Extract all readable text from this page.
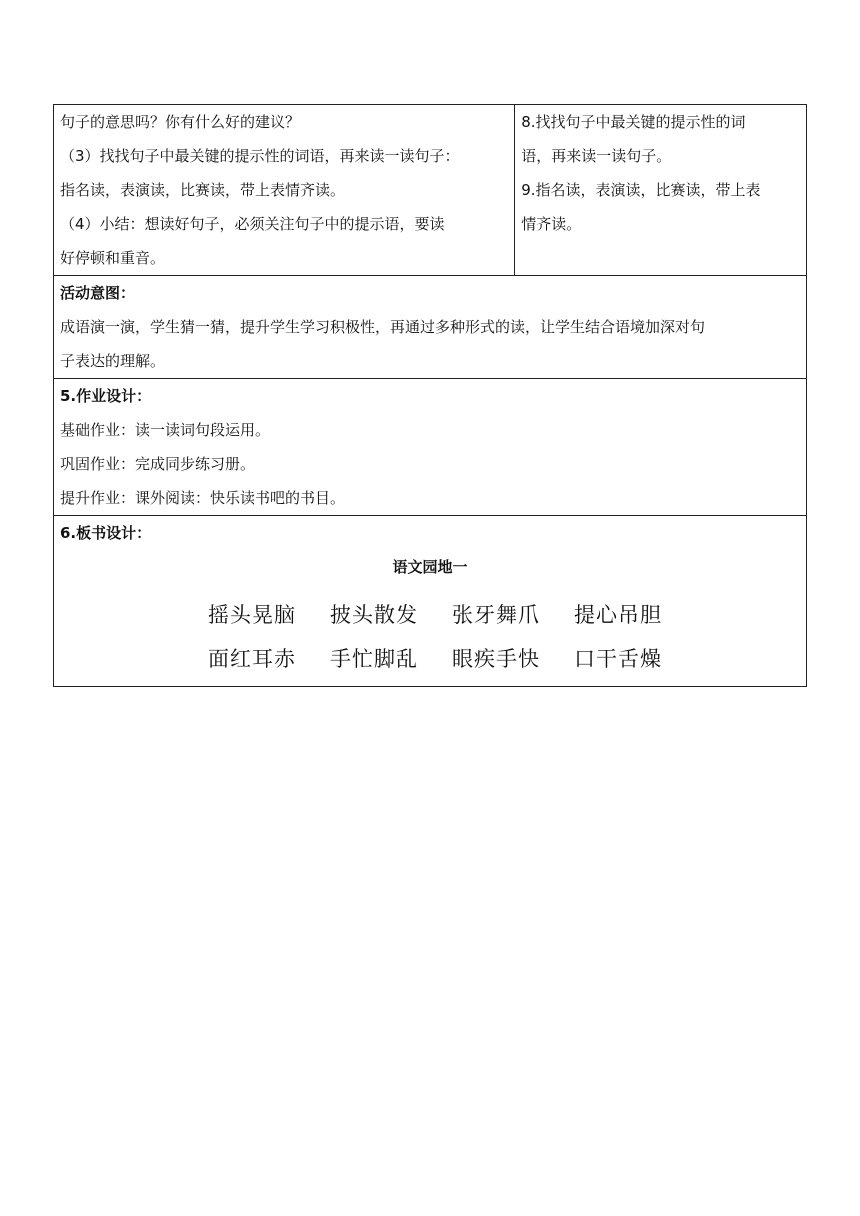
句子的意思吗？你有什么好的建议？
（3）找找句子中最关键的提示性的词语，再来读一读句子：
指名读，表演读，比赛读，带上表情齐读。
（4）小结：想读好句子，必须关注句子中的提示语，要读
好停顿和重音。

8.找找句子中最关键的提示性的词
语，再来读一读句子。
9.指名读，表演读，比赛读，带上表
情齐读。

活动意图：
成语演一演，学生猜一猜，提升学生学习积极性，再通过多种形式的读，让学生结合语境加深对句
子表达的理解。

5.作业设计：
基础作业：读一读词句段运用。
巩固作业：完成同步练习册。
提升作业：课外阅读：快乐读书吧的书目。

6.板书设计：
语文园地一
摇头晃脑	披头散发	张牙舞爪	提心吊胆
面红耳赤	手忙脚乱	眼疾手快	口干舌燥
